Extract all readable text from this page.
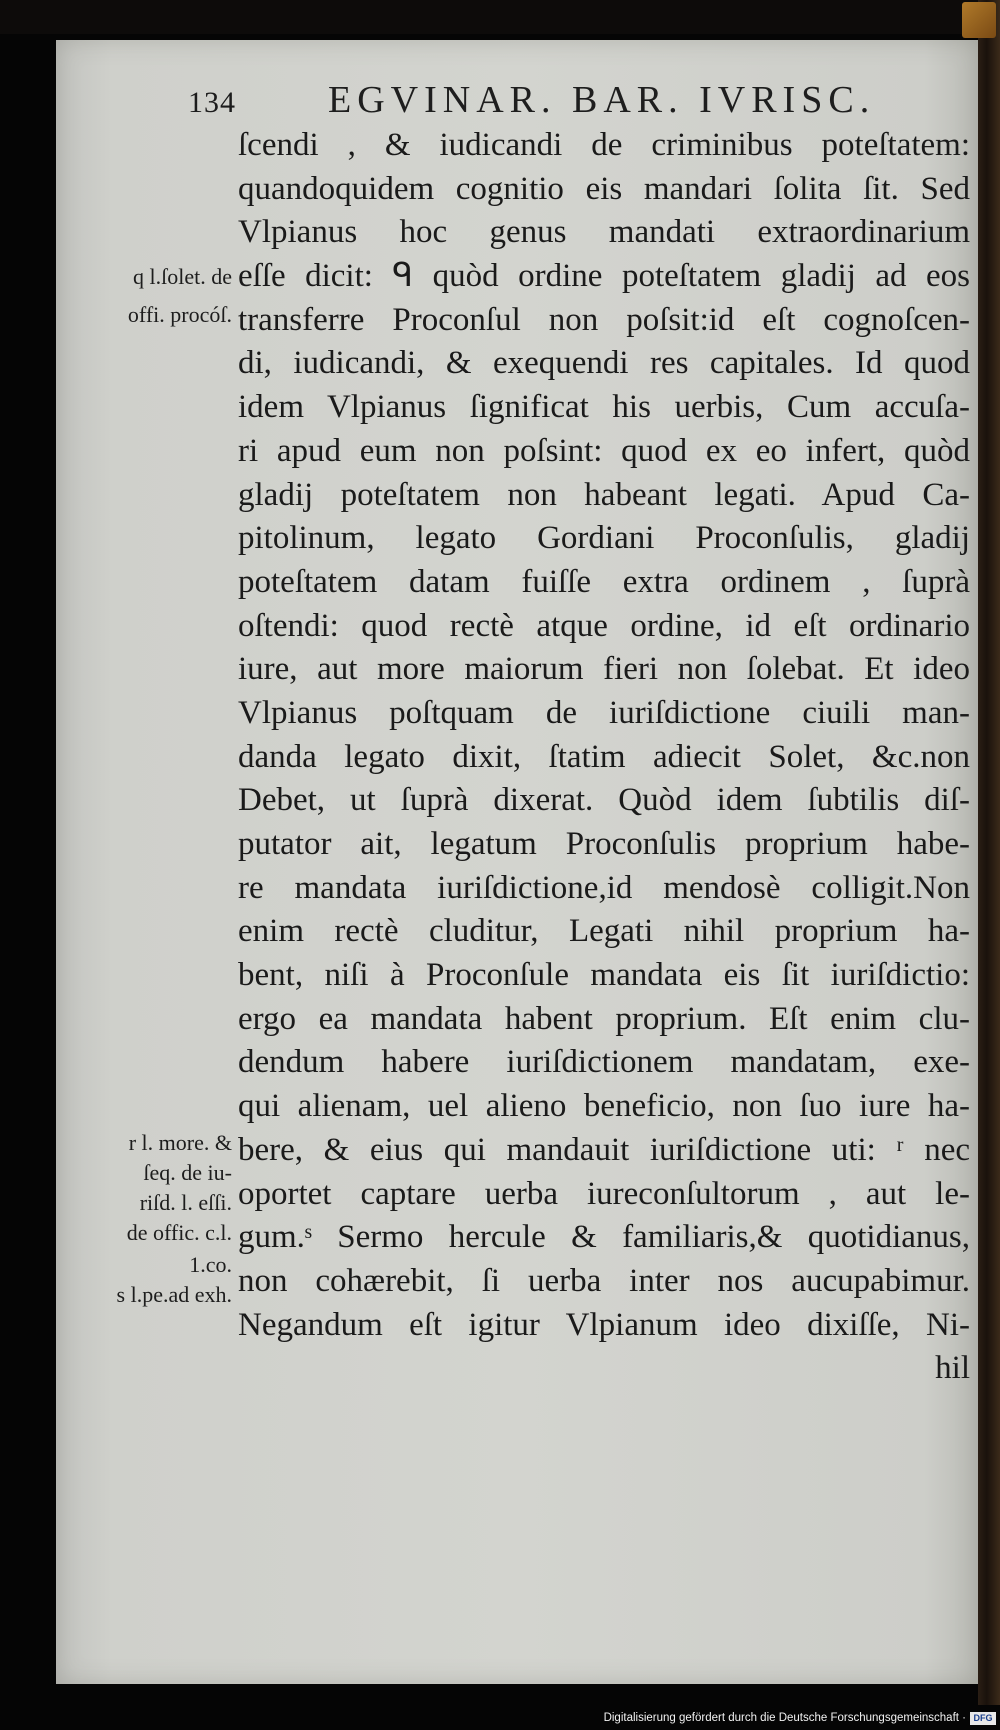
134 EGVINAR. BAR. IVRISC.
ſcendi , & iudicandi de criminibus poteſtatem:
quandoquidem cognitio eis mandari ſolita ſit. Sed
Vlpianus hoc genus mandati extraordinarium
eſſe dicit: ᑫ quòd ordine poteſtatem gladij ad eos
transferre Proconſul non poſsit:id eſt cognoſcen-
di, iudicandi, & exequendi res capitales. Id quod
idem Vlpianus ſignificat his uerbis, Cum accuſa-
ri apud eum non poſsint: quod ex eo infert, quòd
gladij poteſtatem non habeant legati. Apud Ca-
pitolinum, legato Gordiani Proconſulis, gladij
poteſtatem datam fuiſſe extra ordinem , ſuprà
oſtendi: quod rectè atque ordine, id eſt ordinario
iure, aut more maiorum fieri non ſolebat. Et ideo
Vlpianus poſtquam de iuriſdictione ciuili man-
danda legato dixit, ſtatim adiecit Solet, &c.non
Debet, ut ſuprà dixerat. Quòd idem ſubtilis diſ-
putator ait, legatum Proconſulis proprium habe-
re mandata iuriſdictione,id mendosè colligit.Non
enim rectè cluditur, Legati nihil proprium ha-
bent, niſi à Proconſule mandata eis ſit iuriſdictio:
ergo ea mandata habent proprium. Eſt enim clu-
dendum habere iuriſdictionem mandatam, exe-
qui alienam, uel alieno beneficio, non ſuo iure ha-
bere, & eius qui mandauit iuriſdictione uti: ʳ nec
oportet captare uerba iureconſultorum , aut le-
gum.ˢ Sermo hercule & familiaris,& quotidianus,
non cohærebit, ſi uerba inter nos aucupabimur.
Negandum eſt igitur Vlpianum ideo dixiſſe, Ni-
hil
q l.ſolet. de
offi. procóſ.
r l. more. &
ſeq. de iu-
riſd. l. eſſi.
de offic. c.l.
1.co.
s l.pe.ad exh.
Digitalisierung gefördert durch die Deutsche Forschungsgemeinschaft · DFG
